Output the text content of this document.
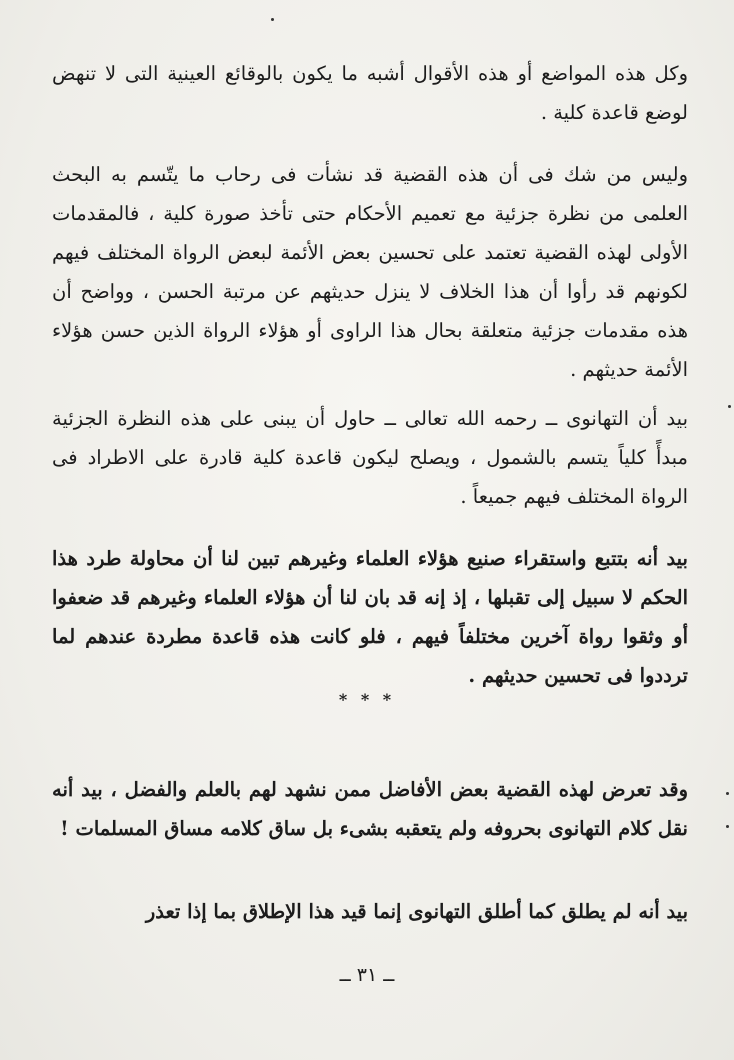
وكل هذه المواضع أو هذه الأقوال أشبه ما يكون بالوقائع العينية التى لا تنهض لوضع قاعدة كلية .

وليس من شك فى أن هذه القضية قد نشأت فى رحاب ما يتّسم به البحث العلمى من نظرة جزئية مع تعميم الأحكام حتى تأخذ صورة كلية ، فالمقدمات الأولى لهذه القضية تعتمد على تحسين بعض الأئمة لبعض الرواة المختلف فيهم لكونهم قد رأوا أن هذا الخلاف لا ينزل حديثهم عن مرتبة الحسن ، وواضح أن هذه مقدمات جزئية متعلقة بحال هذا الراوى أو هؤلاء الرواة الذين حسن هؤلاء الأئمة حديثهم .

بيد أن التهانوى ــ رحمه الله تعالى ــ حاول أن يبنى على هذه النظرة الجزئية مبدأً كلياً يتسم بالشمول ، ويصلح ليكون قاعدة كلية قادرة على الاطراد فى الرواة المختلف فيهم جميعاً .

بيد أنه بتتبع واستقراء صنيع هؤلاء العلماء وغيرهم تبين لنا أن محاولة طرد هذا الحكم لا سبيل إلى تقبلها ، إذ إنه قد بان لنا أن هؤلاء العلماء وغيرهم قد ضعفوا أو وثقوا رواة آخرين مختلفاً فيهم ، فلو كانت هذه قاعدة مطردة عندهم لما ترددوا فى تحسين حديثهم .

* * *

وقد تعرض لهذه القضية بعض الأفاضل ممن نشهد لهم بالعلم والفضل ، بيد أنه نقل كلام التهانوى بحروفه ولم يتعقبه بشىء بل ساق كلامه مساق المسلمات !

بيد أنه لم يطلق كما أطلق التهانوى إنما قيد هذا الإطلاق بما إذا تعذر

ــ ٣١ ــ
